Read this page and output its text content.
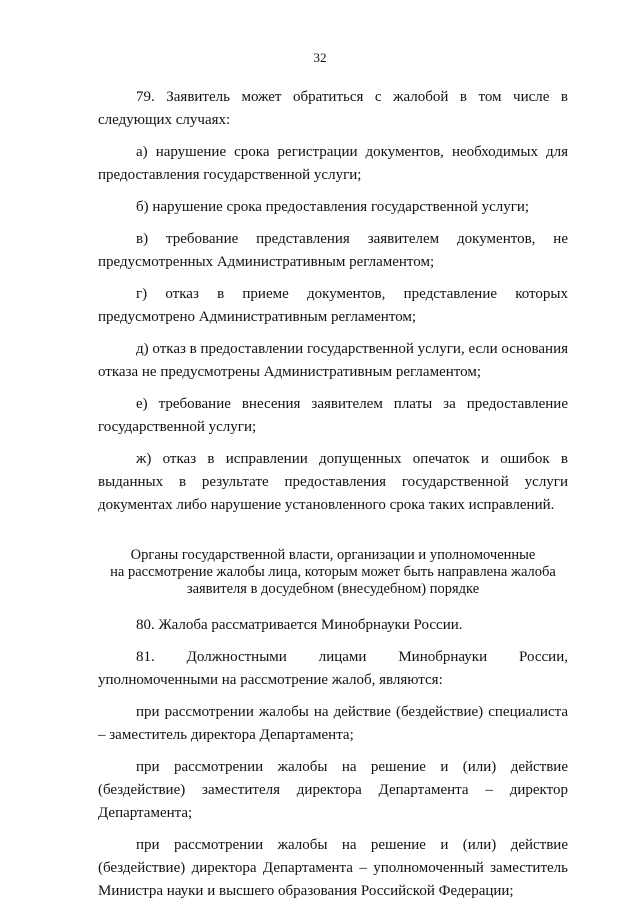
32

79. Заявитель может обратиться с жалобой в том числе в следующих случаях:

а) нарушение срока регистрации документов, необходимых для предоставления государственной услуги;

б) нарушение срока предоставления государственной услуги;

в) требование представления заявителем документов, не предусмотренных Административным регламентом;

г) отказ в приеме документов, представление которых предусмотрено Административным регламентом;

д) отказ в предоставлении государственной услуги, если основания отказа не предусмотрены Административным регламентом;

е) требование внесения заявителем платы за предоставление государственной услуги;

ж) отказ в исправлении допущенных опечаток и ошибок в выданных в результате предоставления государственной услуги документах либо нарушение установленного срока таких исправлений.

Органы государственной власти, организации и уполномоченные
на рассмотрение жалобы лица, которым может быть направлена жалоба
заявителя в досудебном (внесудебном) порядке

80. Жалоба рассматривается Минобрнауки России.

81. Должностными лицами Минобрнауки России, уполномоченными на рассмотрение жалоб, являются:

при рассмотрении жалобы на действие (бездействие) специалиста – заместитель директора Департамента;

при рассмотрении жалобы на решение и (или) действие (бездействие) заместителя директора Департамента – директор Департамента;

при рассмотрении жалобы на решение и (или) действие (бездействие) директора Департамента – уполномоченный заместитель Министра науки и высшего образования Российской Федерации;
